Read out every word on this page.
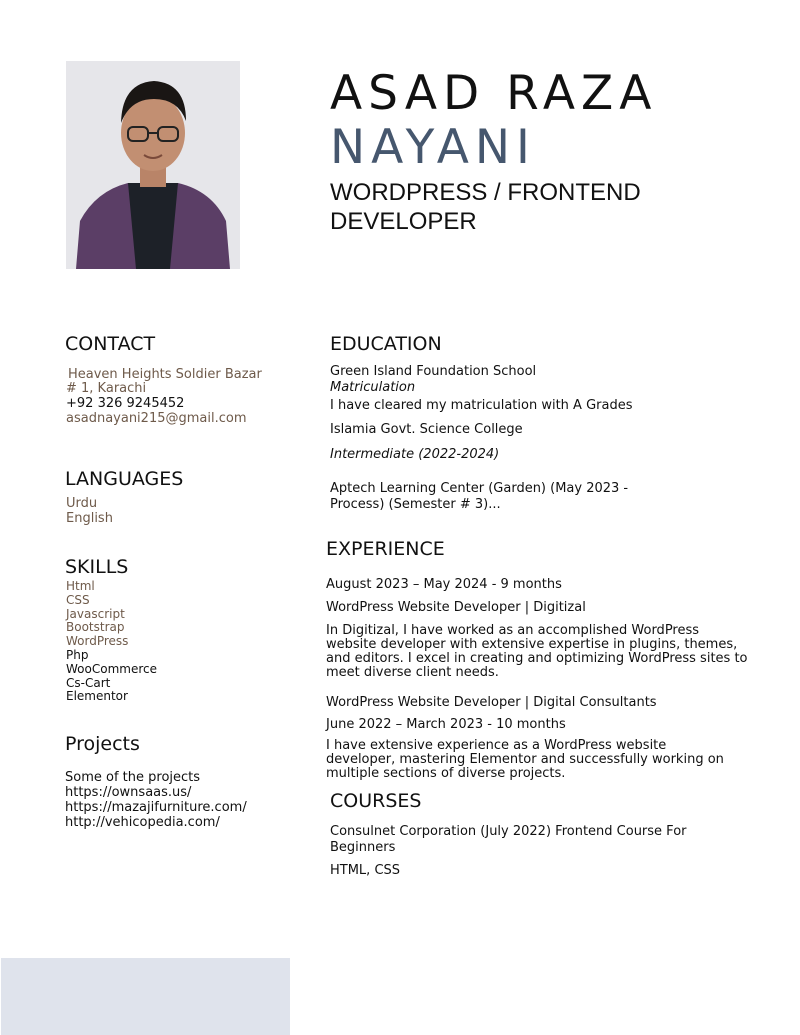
ASAD RAZA
NAYANI
WORDPRESS / FRONTEND
DEVELOPER
CONTACT
Heaven Heights Soldier Bazar
# 1, Karachi
+92 326 9245452
asadnayani215@gmail.com
LANGUAGES
Urdu
English
SKILLS
Html
CSS
Javascript
Bootstrap
WordPress
Php
WooCommerce
Cs-Cart
Elementor
Projects
Some of the projects
https://ownsaas.us/
https://mazajifurniture.com/
http://vehicopedia.com/
EDUCATION
Green Island Foundation School
Matriculation
I have cleared my matriculation with A Grades
Islamia Govt. Science College
Intermediate (2022-2024)
Aptech Learning Center (Garden) (May 2023 -
Process) (Semester # 3)...
EXPERIENCE
August 2023 – May 2024 - 9 months
WordPress Website Developer | Digitizal
In Digitizal, I have worked as an accomplished WordPress
website developer with extensive expertise in plugins, themes,
and editors. I excel in creating and optimizing WordPress sites to
meet diverse client needs.
WordPress Website Developer | Digital Consultants
June 2022 – March 2023 - 10 months
I have extensive experience as a WordPress website
developer, mastering Elementor and successfully working on
multiple sections of diverse projects.
COURSES
Consulnet Corporation (July 2022) Frontend Course For
Beginners
HTML, CSS
